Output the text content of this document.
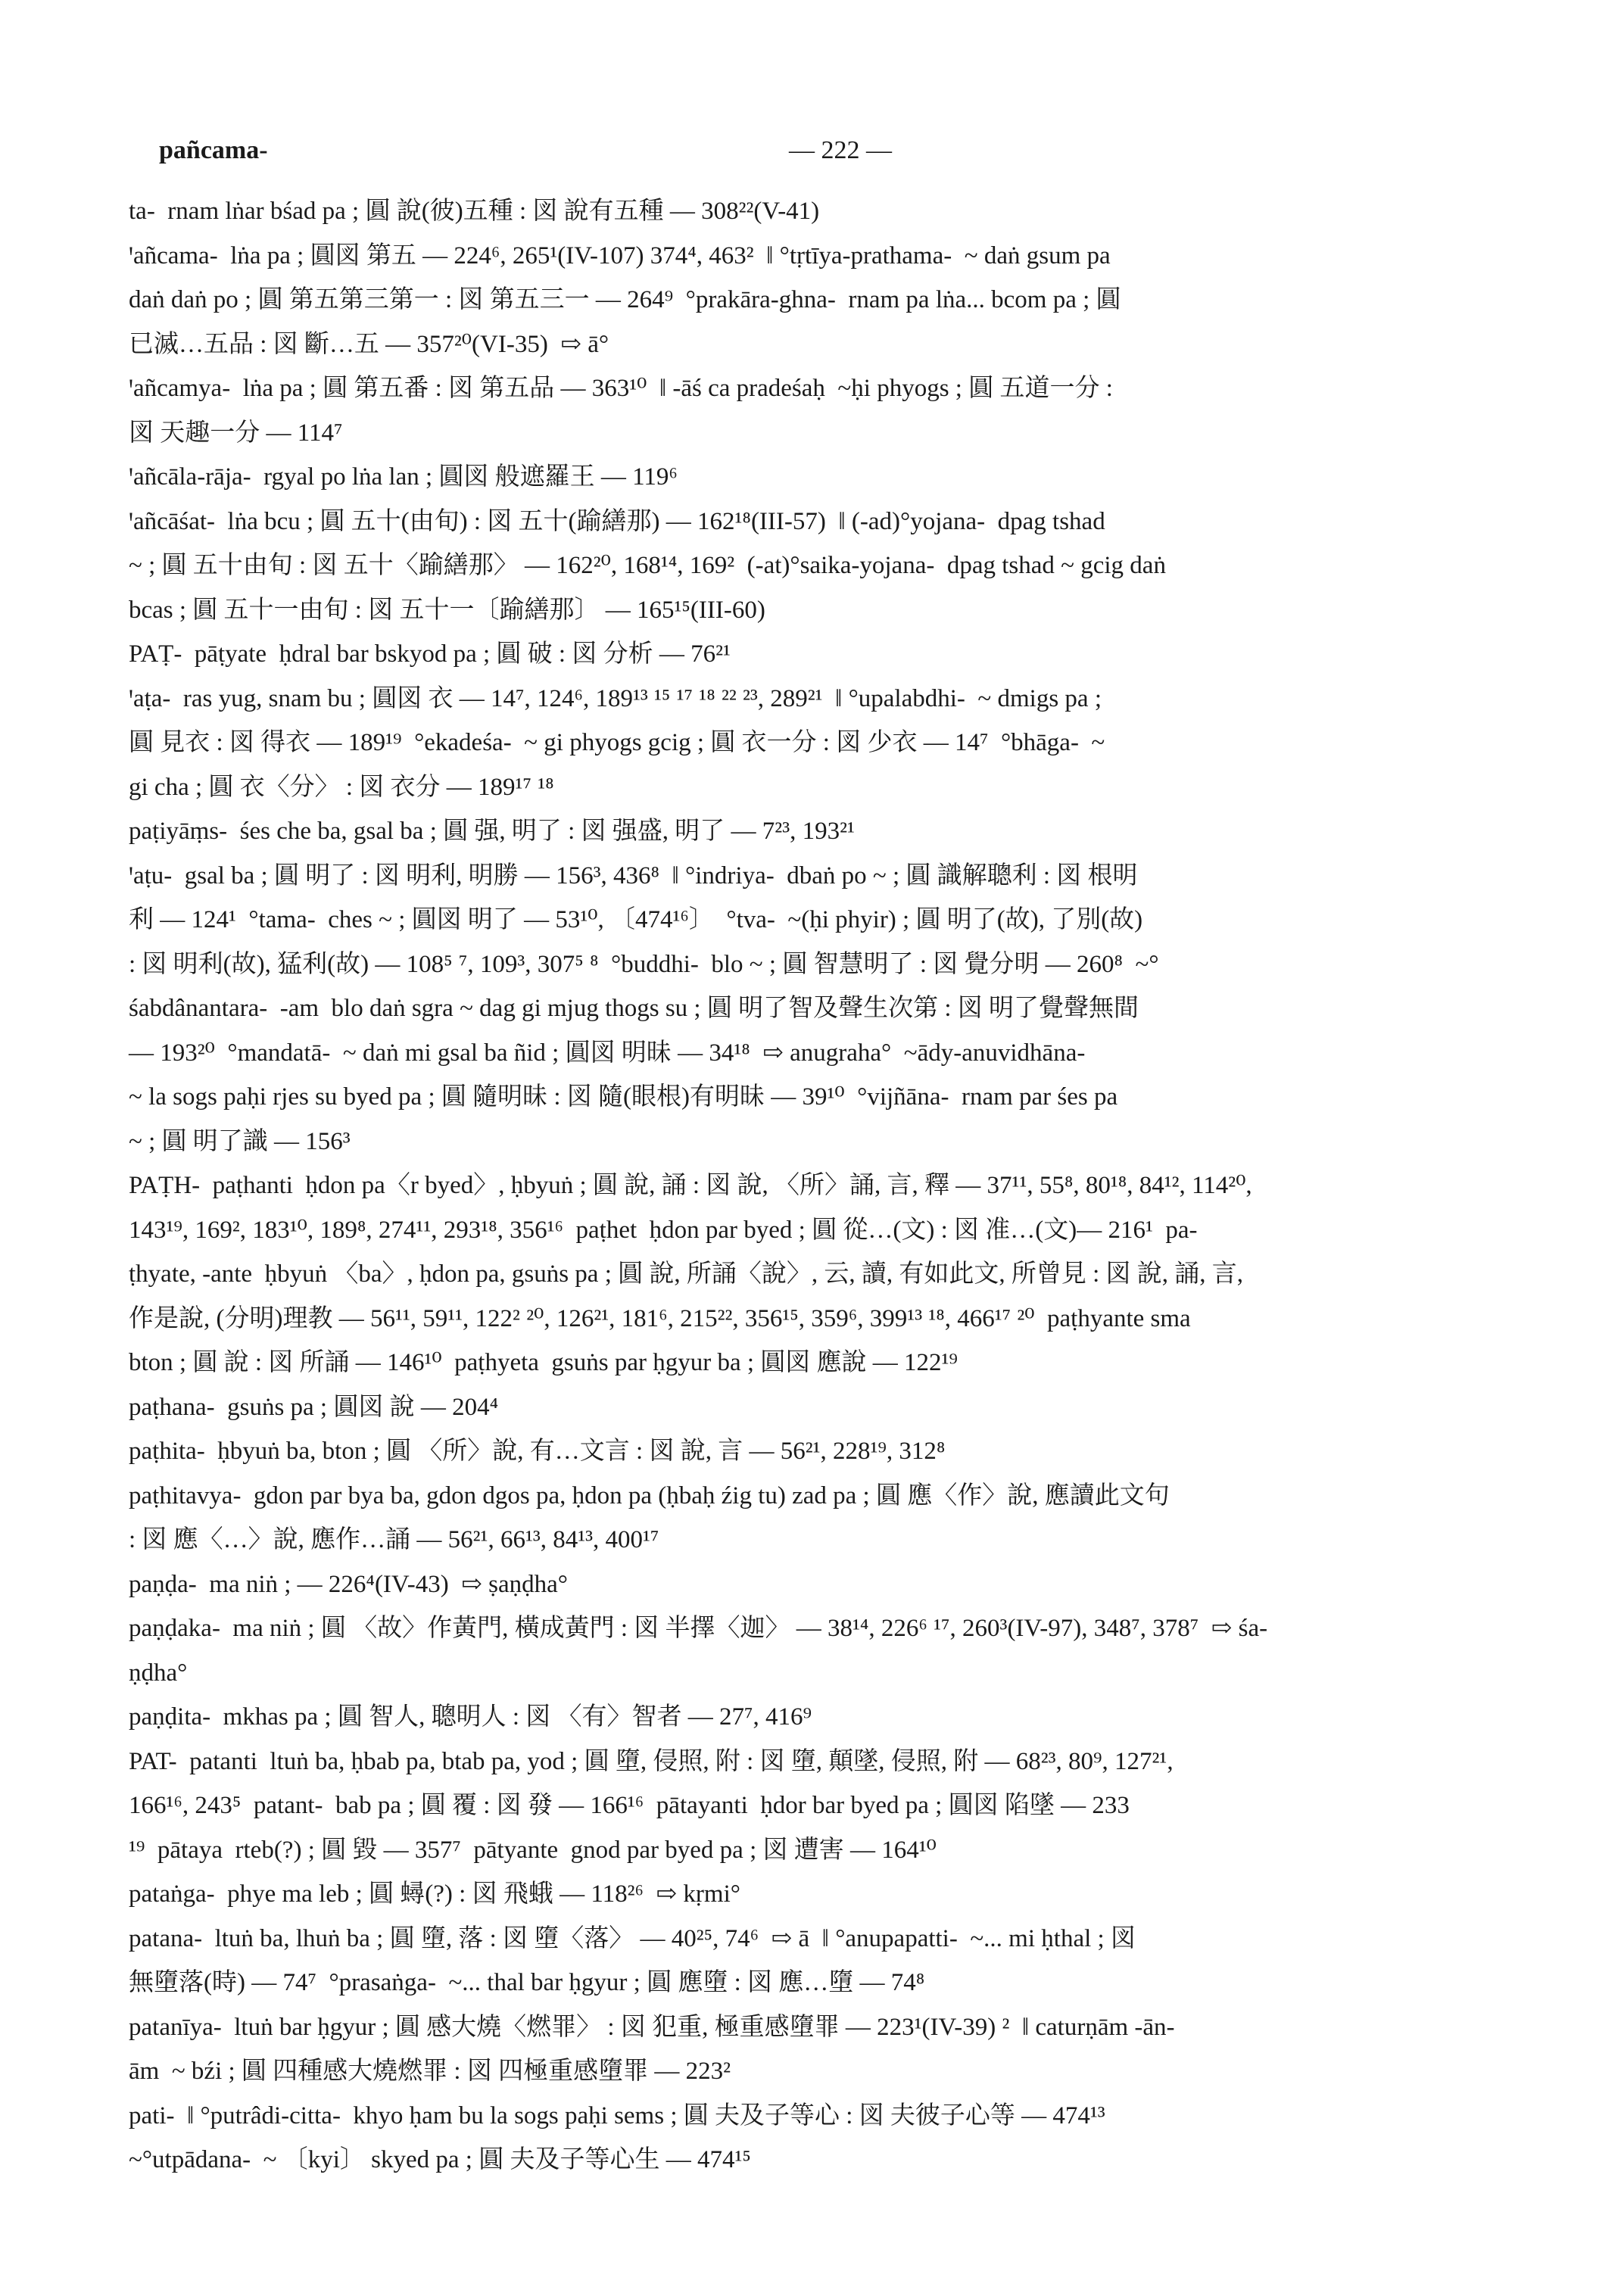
pañcama-	— 222 —

ta-  rnam lṅar bśad pa ; 圓 說(彼)五種 : 図 說有五種 — 308²²(V-41)

ꞌañcama-  lṅa pa ; 圓図 第五 — 224⁶, 265¹(IV-107) 374⁴, 463²  ‖ °tṛtīya-prathama-  ~ daṅ gsum pa
daṅ daṅ po ; 圓 第五第三第一 : 図 第五三一 — 264⁹  °prakāra-ghna-  rnam pa lṅa... bcom pa ; 圓
已滅…五品 : 図 斷…五 — 357²⁰(VI-35)  ⇨ ā°

ꞌañcamya-  lṅa pa ; 圓 第五番 : 図 第五品 — 363¹⁰  ‖ -āś ca pradeśaḥ  ~ḥi phyogs ; 圓 五道一分 :
図 天趣一分 — 114⁷

ꞌañcāla-rāja-  rgyal po lṅa lan ; 圓図 般遮羅王 — 119⁶

ꞌañcāśat-  lṅa bcu ; 圓 五十(由旬) : 図 五十(踰繕那) — 162¹⁸(III-57)  ‖ (-ad)°yojana-  dpag tshad
~ ; 圓 五十由旬 : 図 五十〈踰繕那〉 — 162²⁰, 168¹⁴, 169²  (-at)°saika-yojana-  dpag tshad ~ gcig daṅ
bcas ; 圓 五十一由旬 : 図 五十一〔踰繕那〕 — 165¹⁵(III-60)

PAṬ-  pāṭyate  ḥdral bar bskyod pa ; 圓 破 : 図 分析 — 76²¹

ꞌaṭa-  ras yug, snam bu ; 圓図 衣 — 14⁷, 124⁶, 189¹³ ¹⁵ ¹⁷ ¹⁸ ²² ²³, 289²¹  ‖ °upalabdhi-  ~ dmigs pa ;
圓 見衣 : 図 得衣 — 189¹⁹  °ekadeśa-  ~ gi phyogs gcig ; 圓 衣一分 : 図 少衣 — 14⁷  °bhāga-  ~
gi cha ; 圓 衣〈分〉 : 図 衣分 — 189¹⁷ ¹⁸

paṭiyāṃs-  śes che ba, gsal ba ; 圓 强, 明了 : 図 强盛, 明了 — 7²³, 193²¹

ꞌaṭu-  gsal ba ; 圓 明了 : 図 明利, 明勝 — 156³, 436⁸  ‖ °indriya-  dbaṅ po ~ ; 圓 識解聰利 : 図 根明
利 — 124¹  °tama-  ches ~ ; 圓図 明了 — 53¹⁰, 〔474¹⁶〕  °tva-  ~(ḥi phyir) ; 圓 明了(故), 了別(故)
: 図 明利(故), 猛利(故) — 108⁵ ⁷, 109³, 307⁵ ⁸  °buddhi-  blo ~ ; 圓 智慧明了 : 図 覺分明 — 260⁸  ~°
śabdânantara-  -am  blo daṅ sgra ~ dag gi mjug thogs su ; 圓 明了智及聲生次第 : 図 明了覺聲無間
— 193²⁰  °mandatā-  ~ daṅ mi gsal ba ñid ; 圓図 明昧 — 34¹⁸  ⇨ anugraha°  ~ādy-anuvidhāna-
~ la sogs paḥi rjes su byed pa ; 圓 隨明昧 : 図 隨(眼根)有明昧 — 39¹⁰  °vijñāna-  rnam par śes pa
~ ; 圓 明了識 — 156³

PAṬH-  paṭhanti  ḥdon pa〈r byed〉, ḥbyuṅ ; 圓 說, 誦 : 図 說, 〈所〉誦, 言, 釋 — 37¹¹, 55⁸, 80¹⁸, 84¹², 114²⁰,
143¹⁹, 169², 183¹⁰, 189⁸, 274¹¹, 293¹⁸, 356¹⁶  paṭhet  ḥdon par byed ; 圓 從…(文) : 図 准…(文)— 216¹  pa-
ṭhyate, -ante  ḥbyuṅ 〈ba〉, ḥdon pa, gsuṅs pa ; 圓 說, 所誦〈說〉, 云, 讀, 有如此文, 所曾見 : 図 說, 誦, 言,
作是說, (分明)理教 — 56¹¹, 59¹¹, 122² ²⁰, 126²¹, 181⁶, 215²², 356¹⁵, 359⁶, 399¹³ ¹⁸, 466¹⁷ ²⁰  paṭhyante sma
bton ; 圓 說 : 図 所誦 — 146¹⁰  paṭhyeta  gsuṅs par ḥgyur ba ; 圓図 應說 — 122¹⁹

paṭhana-  gsuṅs pa ; 圓図 說 — 204⁴

paṭhita-  ḥbyuṅ ba, bton ; 圓 〈所〉說, 有…文言 : 図 說, 言 — 56²¹, 228¹⁹, 312⁸

paṭhitavya-  gdon par bya ba, gdon dgos pa, ḥdon pa (ḥbaḥ źig tu) zad pa ; 圓 應〈作〉說, 應讀此文句
: 図 應〈…〉說, 應作…誦 — 56²¹, 66¹³, 84¹³, 400¹⁷

paṇḍa-  ma niṅ ; — 226⁴(IV-43)  ⇨ ṣaṇḍha°

paṇḍaka-  ma niṅ ; 圓 〈故〉作黃門, 橫成黃門 : 図 半擇〈迦〉 — 38¹⁴, 226⁶ ¹⁷, 260³(IV-97), 348⁷, 378⁷  ⇨ śa-
ṇḍha°

paṇḍita-  mkhas pa ; 圓 智人, 聰明人 : 図 〈有〉智者 — 27⁷, 416⁹

PAT-  patanti  ltuṅ ba, ḥbab pa, btab pa, yod ; 圓 墮, 侵照, 附 : 図 墮, 顛墜, 侵照, 附 — 68²³, 80⁹, 127²¹,
166¹⁶, 243⁵  patant-  bab pa ; 圓 覆 : 図 發 — 166¹⁶  pātayanti  ḥdor bar byed pa ; 圓図 陷墜 — 233
¹⁹  pātaya  rteb(?) ; 圓 毀 — 357⁷  pātyante  gnod par byed pa ; 図 遭害 — 164¹⁰

pataṅga-  phye ma leb ; 圓 蟳(?) : 図 飛蛾 — 118²⁶  ⇨ kṛmi°

patana-  ltuṅ ba, lhuṅ ba ; 圓 墮, 落 : 図 墮〈落〉 — 40²⁵, 74⁶  ⇨ ā  ‖ °anupapatti-  ~... mi ḥthal ; 図
無墮落(時) — 74⁷  °prasaṅga-  ~... thal bar ḥgyur ; 圓 應墮 : 図 應…墮 — 74⁸

patanīya-  ltuṅ bar ḥgyur ; 圓 感大燒〈燃罪〉 : 図 犯重, 極重感墮罪 — 223¹(IV-39) ²  ‖ caturṇām -ān-
ām  ~ bźi ; 圓 四種感大燒燃罪 : 図 四極重感墮罪 — 223²

pati-  ‖ °putrâdi-citta-  khyo ḥam bu la sogs paḥi sems ; 圓 夫及子等心 : 図 夫彼子心等 — 474¹³
~°utpādana-  ~ 〔kyi〕 skyed pa ; 圓 夫及子等心生 — 474¹⁵
